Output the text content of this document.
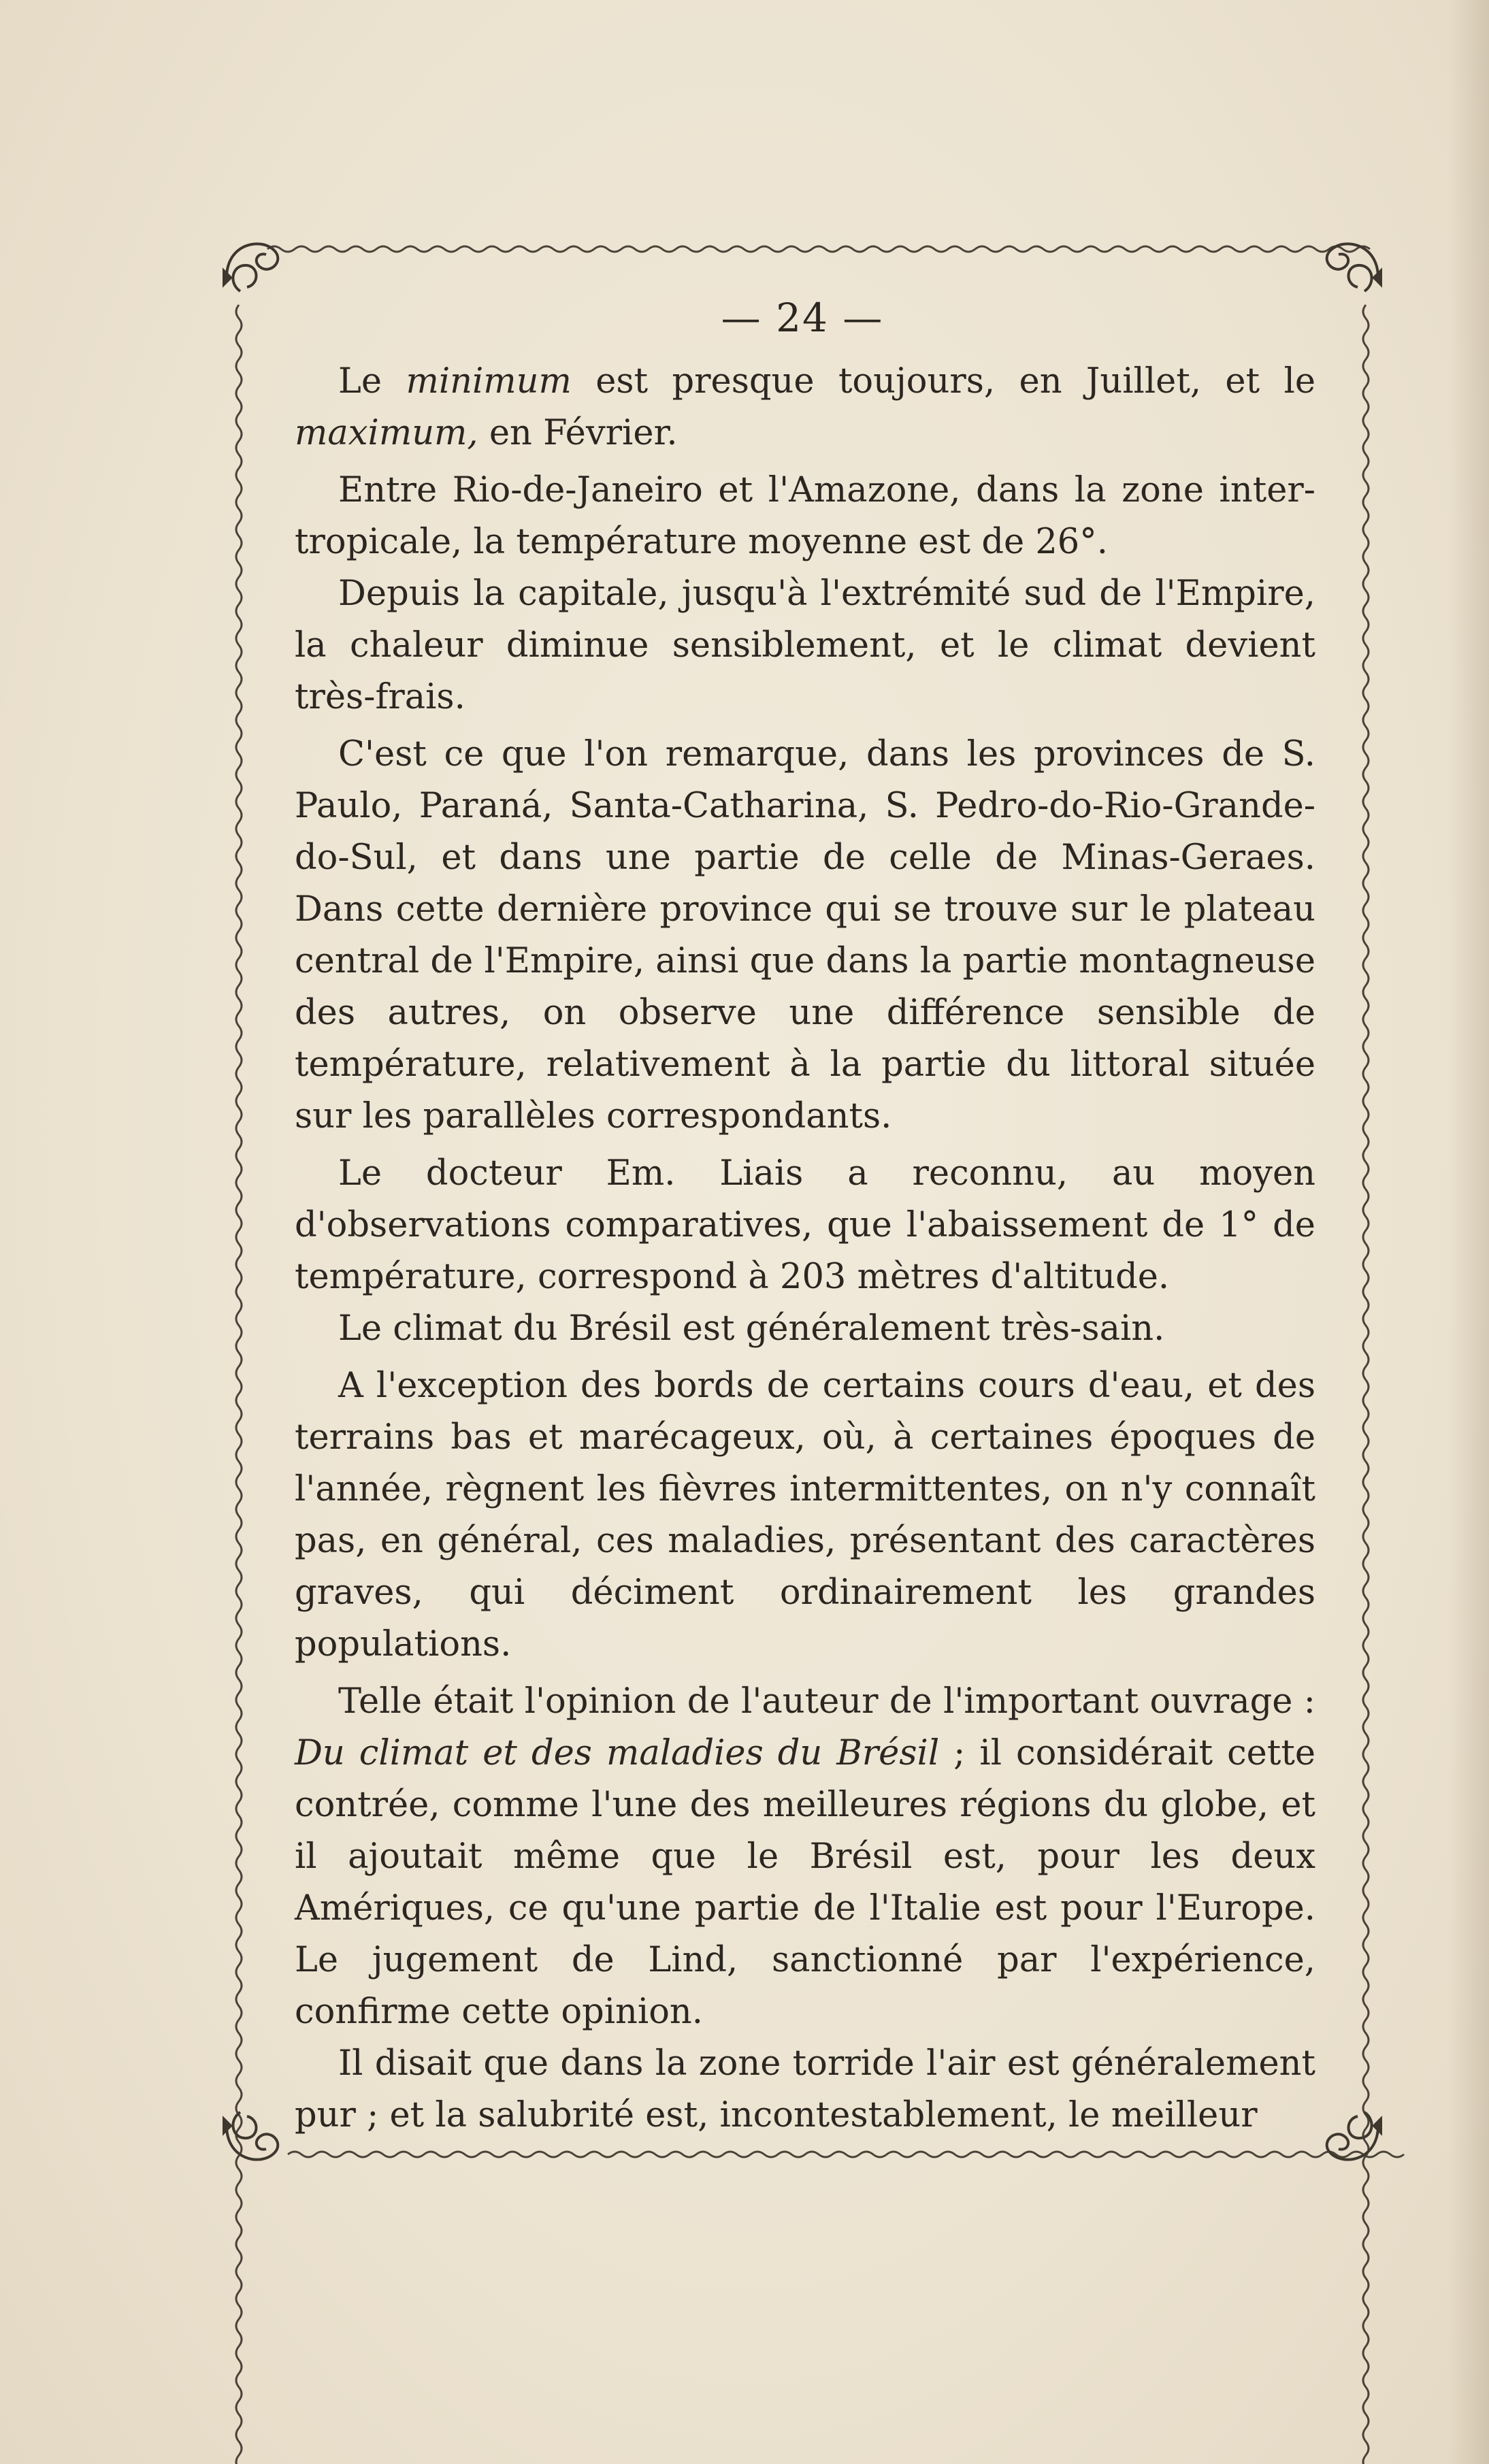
— 24 —

Le minimum est presque toujours, en Juillet, et le maximum, en Février.

Entre Rio-de-Janeiro et l'Amazone, dans la zone inter-tropicale, la température moyenne est de 26°.

Depuis la capitale, jusqu'à l'extrémité sud de l'Empire, la chaleur diminue sensiblement, et le climat devient très-frais.

C'est ce que l'on remarque, dans les provinces de S. Paulo, Paraná, Santa-Catharina, S. Pedro-do-Rio-Grande-do-Sul, et dans une partie de celle de Minas-Geraes. Dans cette dernière province qui se trouve sur le plateau central de l'Empire, ainsi que dans la partie montagneuse des autres, on observe une différence sensible de température, relativement à la partie du littoral située sur les parallèles correspondants.

Le docteur Em. Liais a reconnu, au moyen d'observations comparatives, que l'abaissement de 1° de température, correspond à 203 mètres d'altitude.

Le climat du Brésil est généralement très-sain.

A l'exception des bords de certains cours d'eau, et des terrains bas et marécageux, où, à certaines époques de l'année, règnent les fièvres intermittentes, on n'y connaît pas, en général, ces maladies, présentant des caractères graves, qui déciment ordinairement les grandes populations.

Telle était l'opinion de l'auteur de l'important ouvrage : Du climat et des maladies du Brésil ; il considérait cette contrée, comme l'une des meilleures régions du globe, et il ajoutait même que le Brésil est, pour les deux Amériques, ce qu'une partie de l'Italie est pour l'Europe. Le jugement de Lind, sanctionné par l'expérience, confirme cette opinion.

Il disait que dans la zone torride l'air est généralement pur ; et la salubrité est, incontestablement, le meilleur
